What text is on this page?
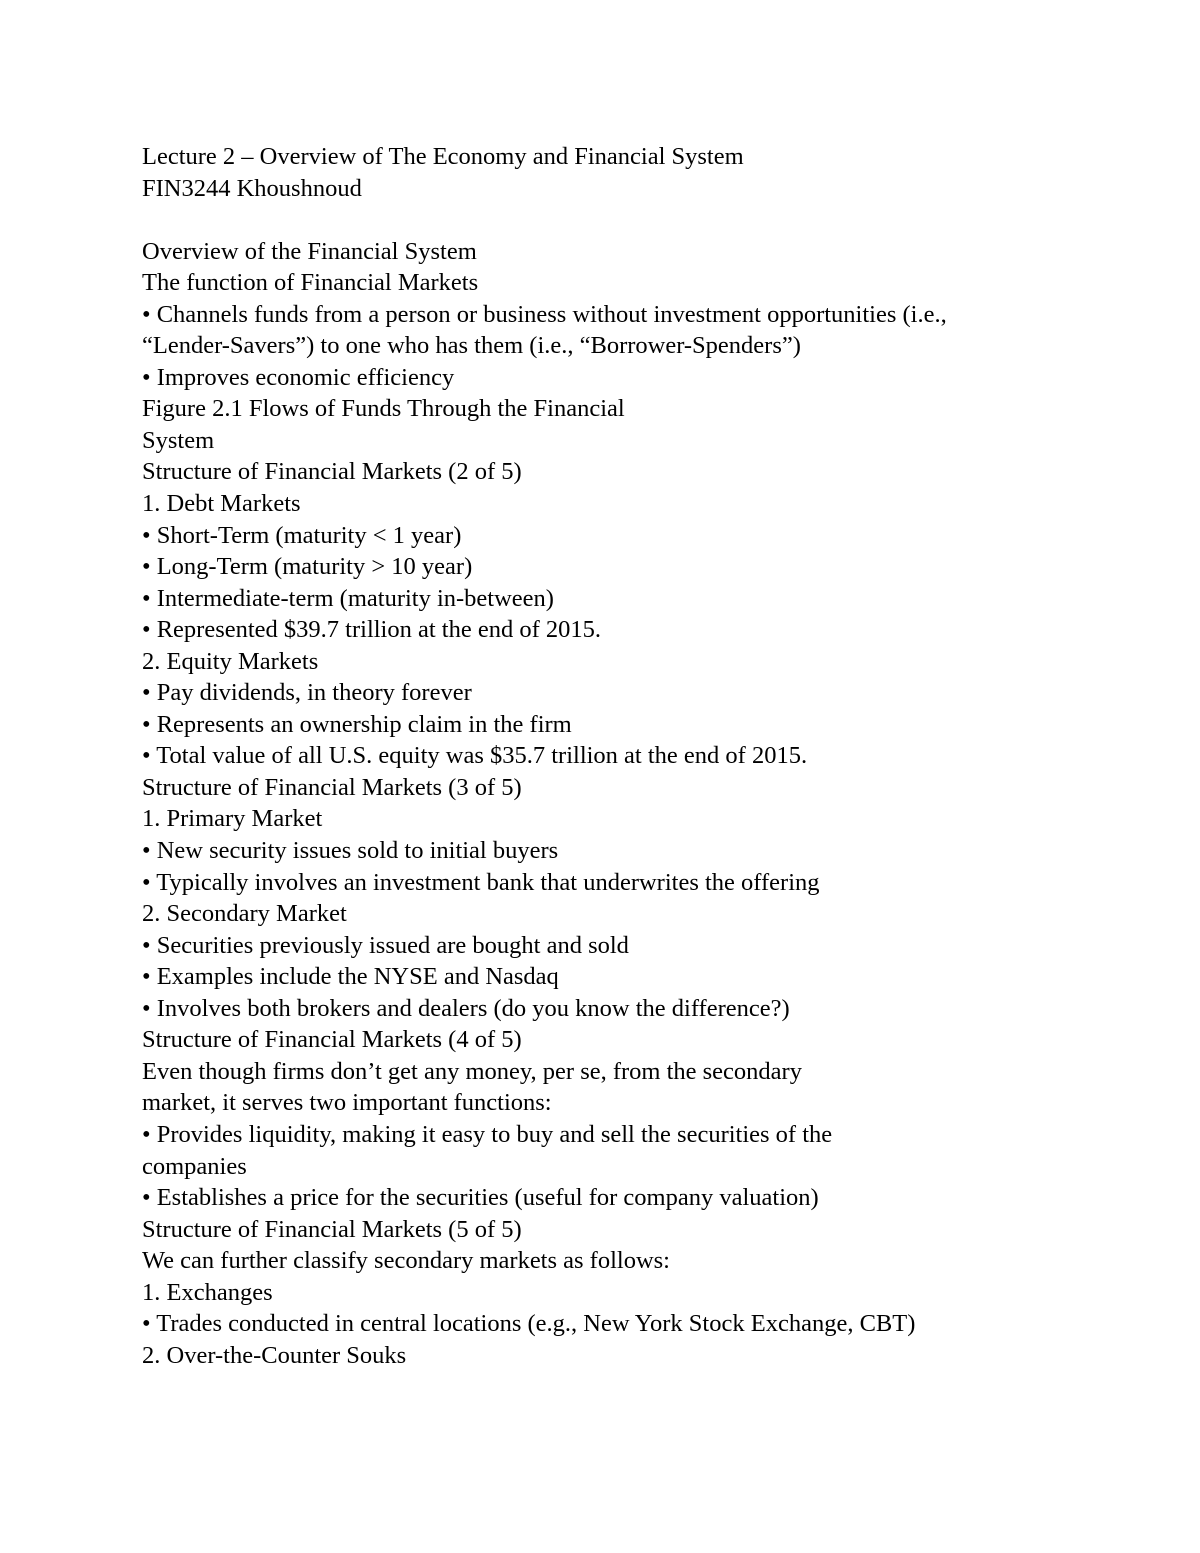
Lecture 2 – Overview of The Economy and Financial System
FIN3244 Khoushnoud
Overview of the Financial System
The function of Financial Markets
• Channels funds from a person or business without investment opportunities (i.e.,
“Lender-Savers”) to one who has them (i.e., “Borrower-Spenders”)
• Improves economic efficiency
Figure 2.1 Flows of Funds Through the Financial
System
Structure of Financial Markets (2 of 5)
1. Debt Markets
• Short-Term (maturity < 1 year)
• Long-Term (maturity > 10 year)
• Intermediate-term (maturity in-between)
• Represented $39.7 trillion at the end of 2015.
2. Equity Markets
• Pay dividends, in theory forever
• Represents an ownership claim in the firm
• Total value of all U.S. equity was $35.7 trillion at the end of 2015.
Structure of Financial Markets (3 of 5)
1. Primary Market
• New security issues sold to initial buyers
• Typically involves an investment bank that underwrites the offering
2. Secondary Market
• Securities previously issued are bought and sold
• Examples include the NYSE and Nasdaq
• Involves both brokers and dealers (do you know the difference?)
Structure of Financial Markets (4 of 5)
Even though firms don’t get any money, per se, from the secondary
market, it serves two important functions:
• Provides liquidity, making it easy to buy and sell the securities of the
companies
• Establishes a price for the securities (useful for company valuation)
Structure of Financial Markets (5 of 5)
We can further classify secondary markets as follows:
1. Exchanges
• Trades conducted in central locations (e.g., New York Stock Exchange, CBT)
2. Over-the-Counter Souks
